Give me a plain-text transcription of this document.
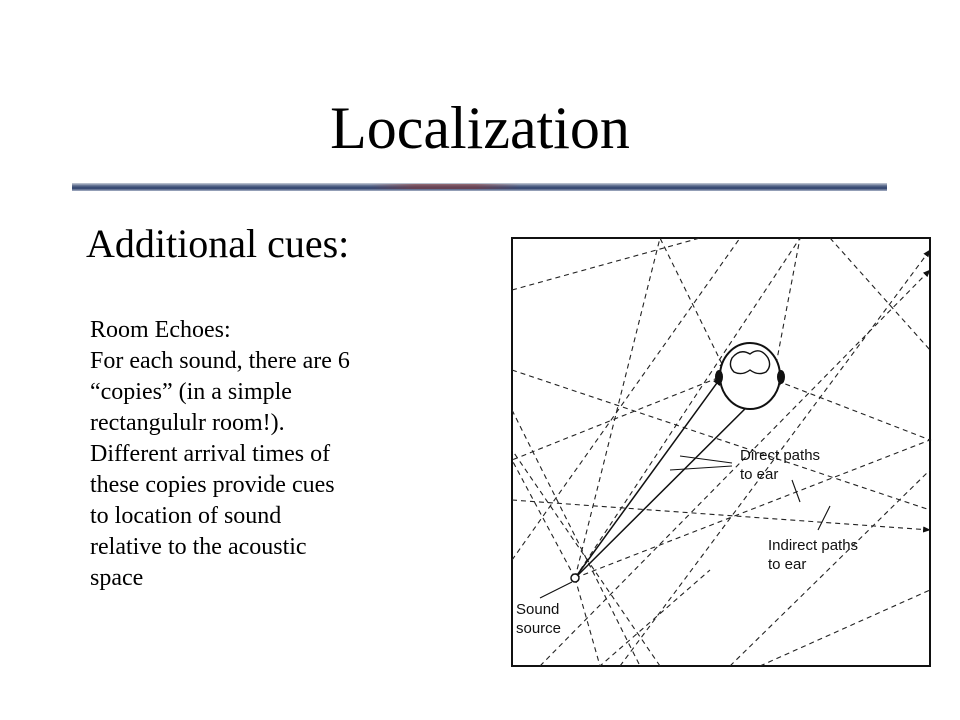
Localization
Additional cues:
Room Echoes:
For each sound, there are 6
“copies” (in a simple
rectangululr room!).
Different arrival times of
these copies provide cues
to location of sound
relative to the acoustic
space
Direct paths
to ear
Indirect paths
to ear
Sound
source
